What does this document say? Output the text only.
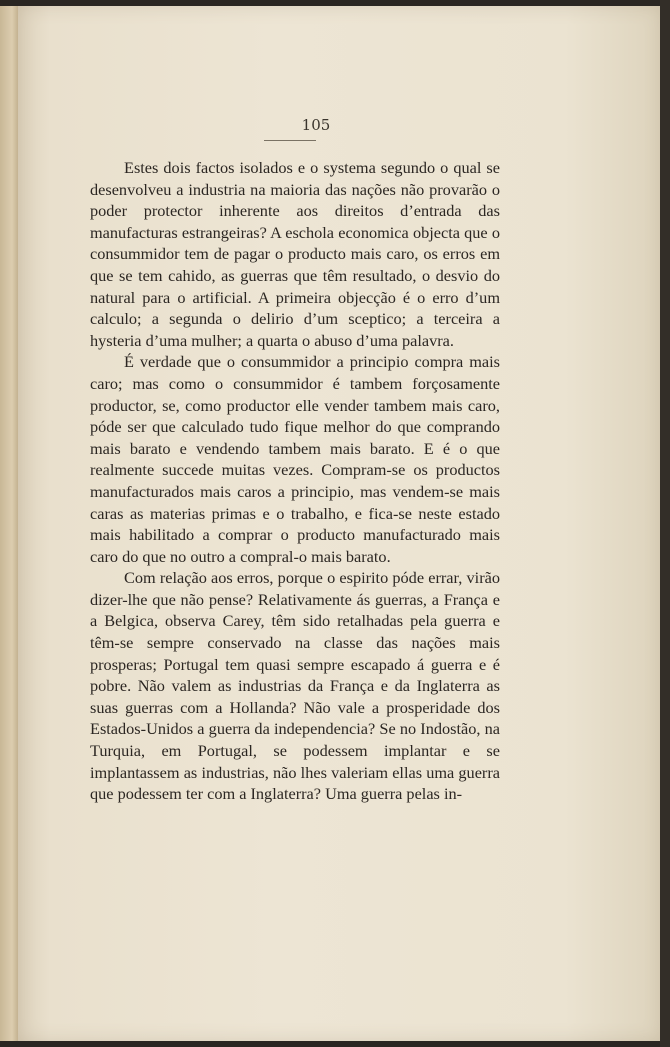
105

Estes dois factos isolados e o systema segundo o qual se desenvolveu a industria na maioria das nações não provarão o poder protector inherente aos direitos d’entrada das manufacturas estrangeiras? A eschola economica objecta que o consummidor tem de pagar o producto mais caro, os erros em que se tem cahido, as guerras que têm resultado, o desvio do natural para o artificial. A primeira objecção é o erro d’um calculo; a segunda o delirio d’um sceptico; a terceira a hysteria d’uma mulher; a quarta o abuso d’uma palavra.

É verdade que o consummidor a principio compra mais caro; mas como o consummidor é tambem forçosamente productor, se, como productor elle vender tambem mais caro, póde ser que calculado tudo fique melhor do que comprando mais barato e vendendo tambem mais barato. E é o que realmente succede muitas vezes. Compram-se os productos manufacturados mais caros a principio, mas vendem-se mais caras as materias primas e o trabalho, e fica-se neste estado mais habilitado a comprar o producto manufacturado mais caro do que no outro a compral-o mais barato.

Com relação aos erros, porque o espirito póde errar, virão dizer-lhe que não pense? Relativamente ás guerras, a França e a Belgica, observa Carey, têm sido retalhadas pela guerra e têm-se sempre conservado na classe das nações mais prosperas; Portugal tem quasi sempre escapado á guerra e é pobre. Não valem as industrias da França e da Inglaterra as suas guerras com a Hollanda? Não vale a prosperidade dos Estados-Unidos a guerra da independencia? Se no Indostão, na Turquia, em Portugal, se podessem implantar e se implantassem as industrias, não lhes valeriam ellas uma guerra que podessem ter com a Inglaterra? Uma guerra pelas in-
